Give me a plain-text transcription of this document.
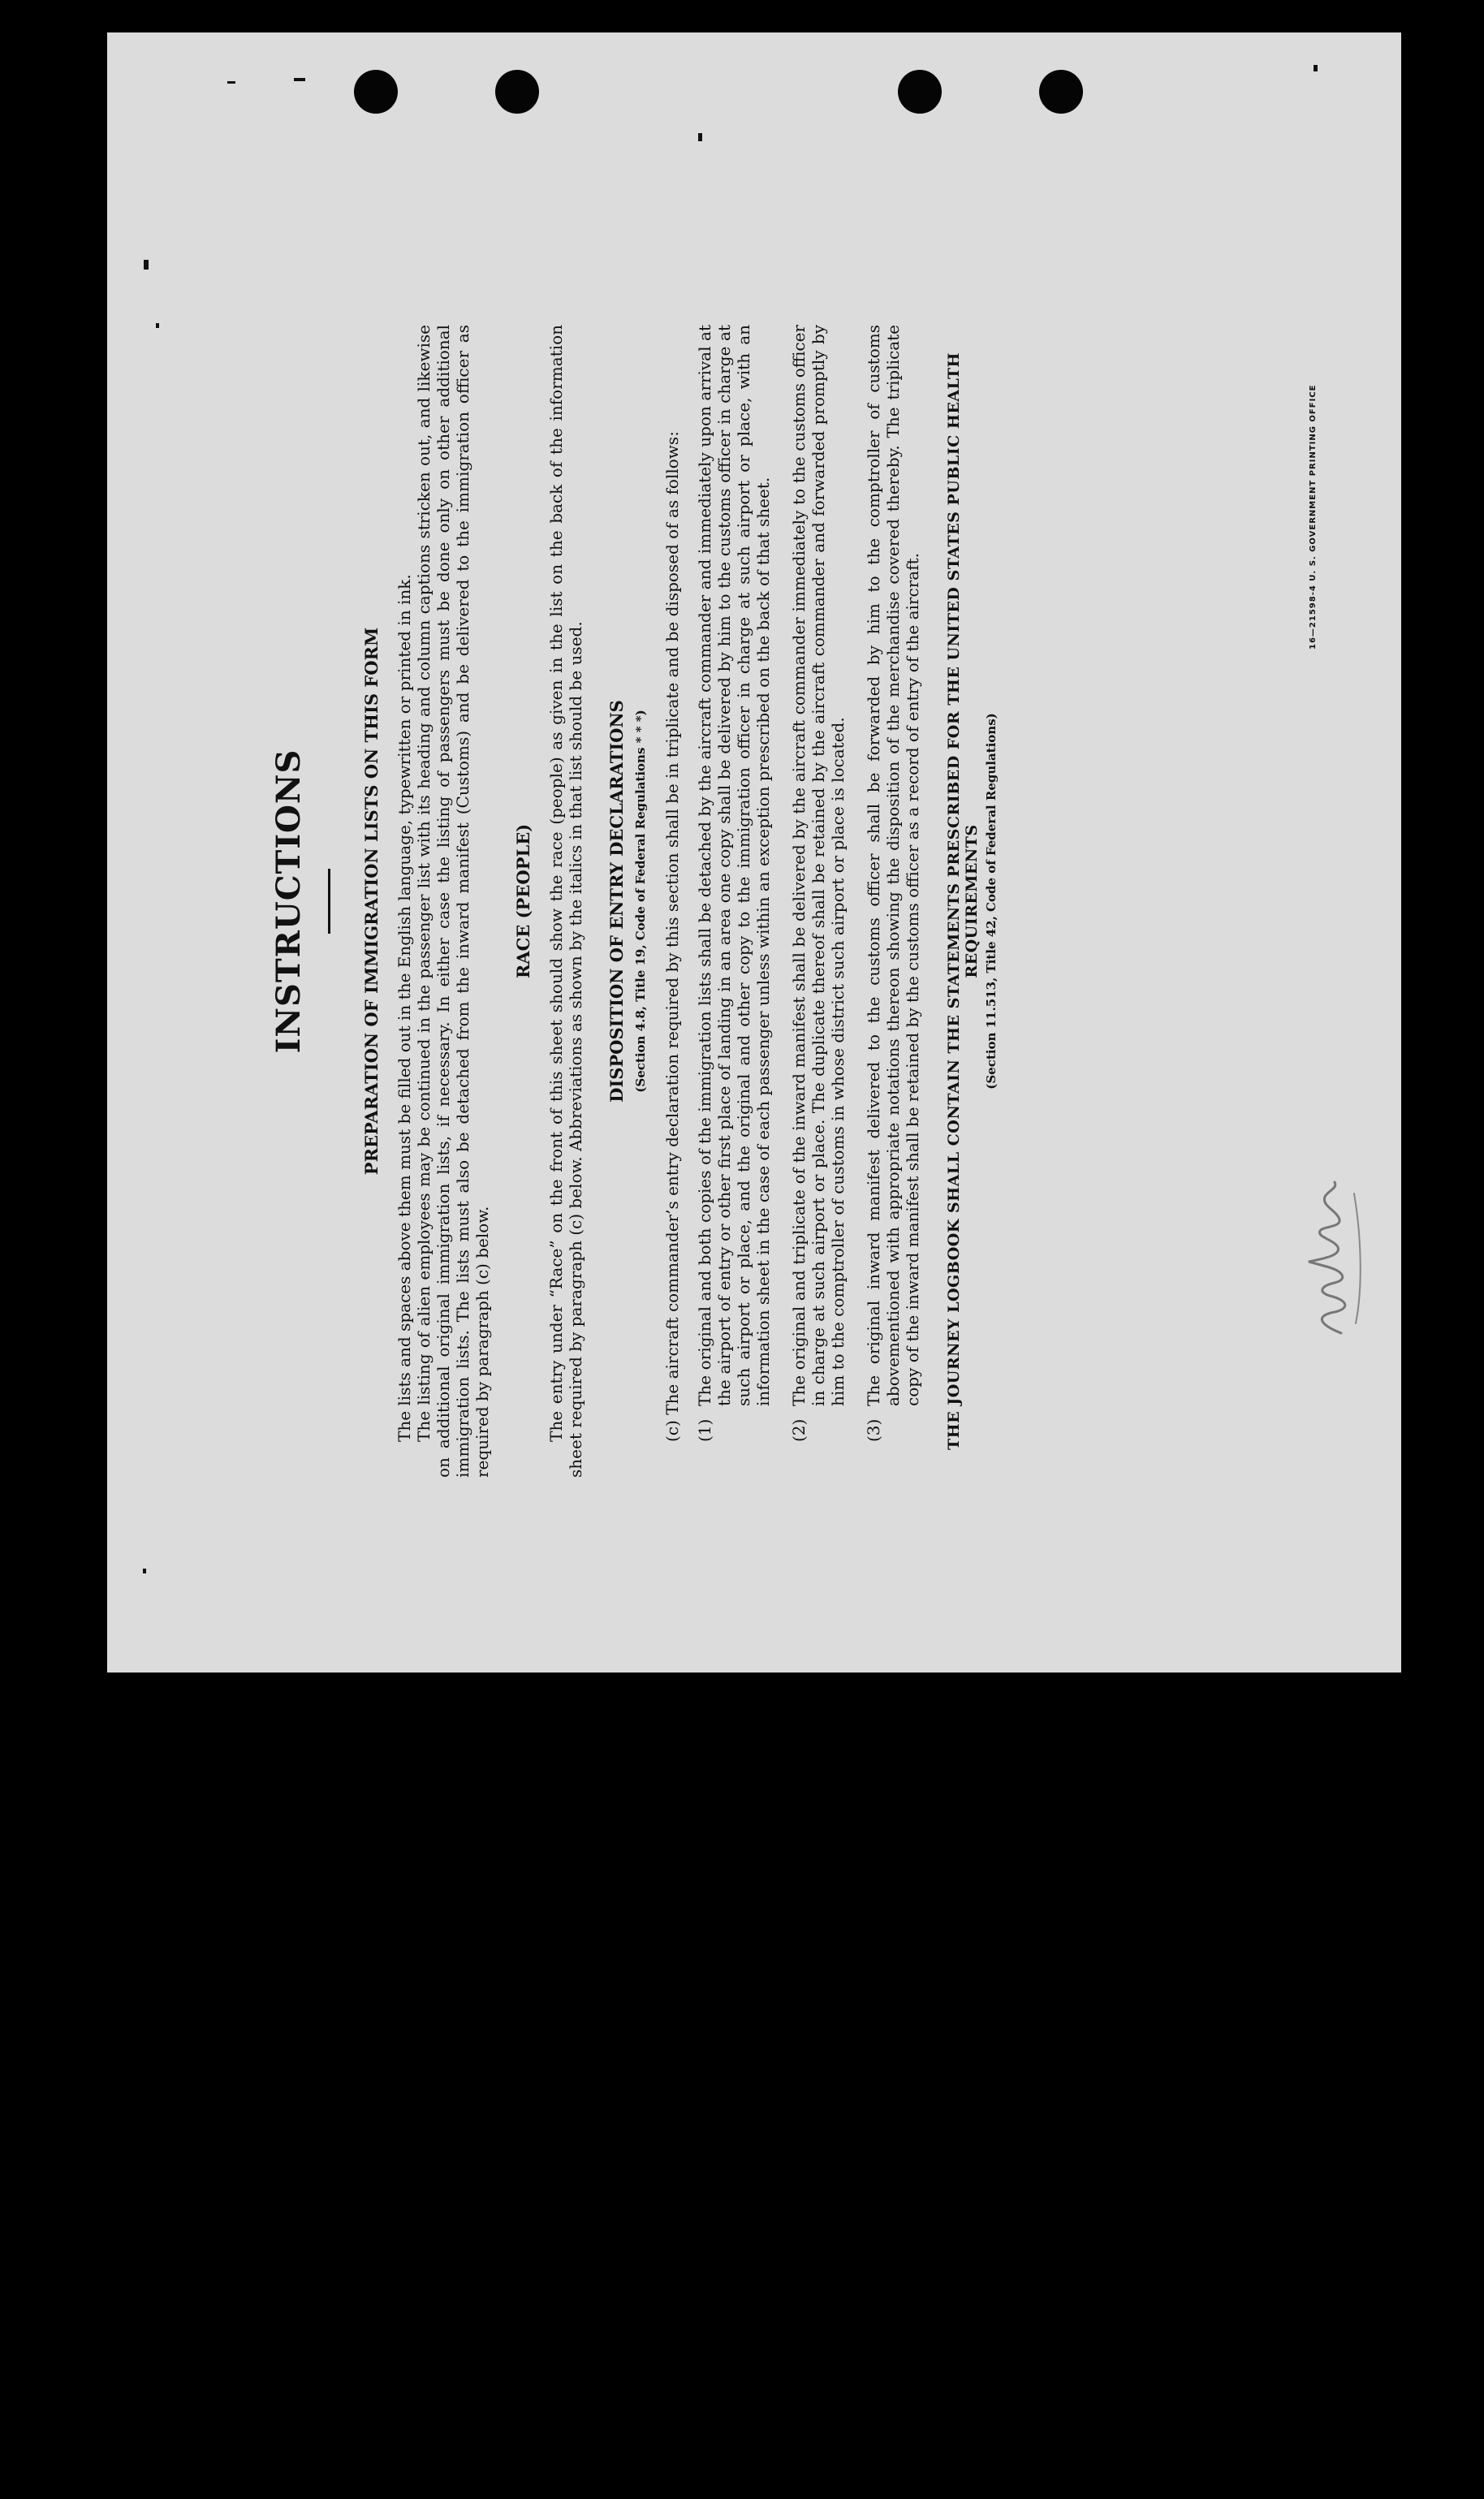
INSTRUCTIONS	PREPARATION OF IMMIGRATION LISTS ON THIS FORM The lists and spaces above them must be filled out in the English language, typewritten or printed in ink. The listing of alien employees may be continued in the passenger list with its heading and column captions stricken out, and likewise on additional original immigration lists, if necessary. In either case the listing of passengers must be done only on other additional immigration lists. The lists must also be detached from the inward manifest (Customs) and be delivered to the immigration officer as required by paragraph (c) below.

RACE (PEOPLE) The entry under “Race” on the front of this sheet should show the race (people) as given in the list on the back of the information sheet required by paragraph (c) below. Abbreviations as shown by the italics in that list should be used. DISPOSITION OF ENTRY DECLARATIONS (Section 4.8, Title 19, Code of Federal Regulations * * *) (c) The aircraft commander’s entry declaration required by this section shall be in triplicate and be disposed of as follows: (1)
The original and both copies of the immigration lists shall be detached by the aircraft commander and immediately upon arrival at the airport of entry or other first place of landing in an area one copy shall be delivered by him to the customs officer in charge at such airport or place, and the original and other copy to the immigration officer in charge at such airport or place, with an information sheet in the case of each passenger unless within an exception prescribed on the back of that sheet.
(2)
The original and triplicate of the inward manifest shall be delivered by the aircraft commander immediately to the customs officer in charge at such airport or place. The duplicate thereof shall be retained by the aircraft commander and forwarded promptly by him to the comptroller of customs in whose district such airport or place is located.
(3)
The original inward manifest delivered to the customs officer shall be forwarded by him to the comptroller of customs abovementioned with appropriate notations thereon showing the disposition of the merchandise covered thereby. The triplicate copy of the inward manifest shall be retained by the customs officer as a record of entry of the aircraft. THE JOURNEY LOGBOOK SHALL CONTAIN THE STATEMENTS PRESCRIBED FOR THE UNITED STATES PUBLIC HEALTH REQUIREMENTS (Section 11.513, Title 42, Code of Federal Regulations)
16—21598-4 U. S. GOVERNMENT PRINTING OFFICE
